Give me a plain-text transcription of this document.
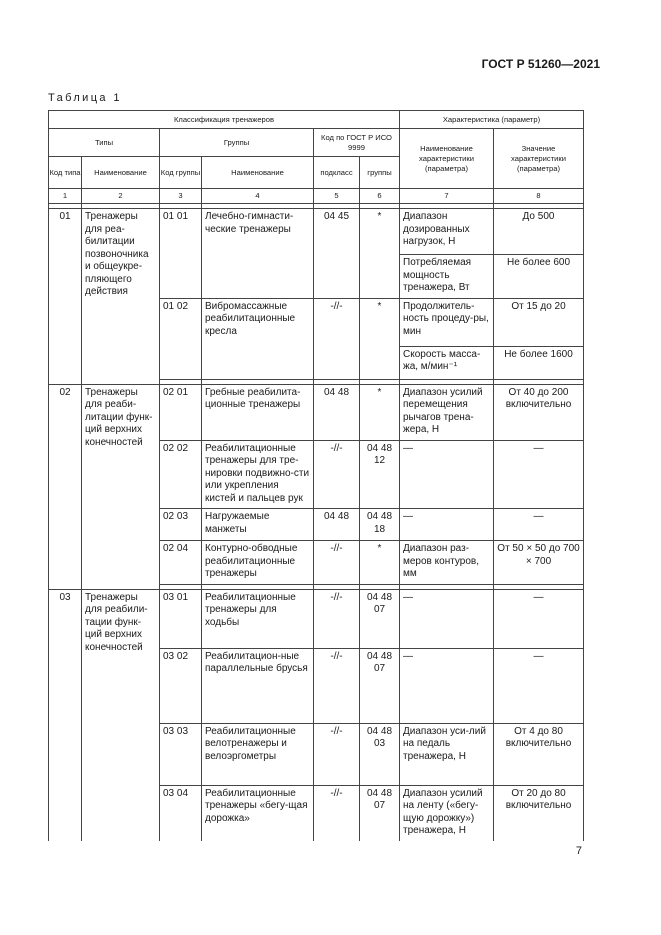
ГОСТ Р 51260—2021
Таблица 1
Классификация тренажеров						Характеристика (параметр)	
Типы		Группы		Код по ГОСТ Р ИСО 9999		Наименование характеристики (параметра)	Значение характеристики (параметра)
Код типа	Наименование	Код группы	Наименование	подкласс	группы		
1	2	3	4	5	6	7	8

01	Тренажеры для реа-билитации позвоночника и общеукре-пляющего действия	01 01	Лечебно-гимнасти-ческие тренажеры	04 45	*	Диапазон дозированных нагрузок, Н	До 500
						Потребляемая мощность тренажера, Вт	Не более 600
		01 02	Вибромассажные реабилитационные кресла	-//-	*	Продолжитель-ность процеду-ры, мин	От 15 до 20
						Скорость масса-жа, м/мин⁻¹	Не более 1600

02	Тренажеры для реаби-литации функ-ций верхних конечностей	02 01	Гребные реабилита-ционные тренажеры	04 48	*	Диапазон усилий перемещения рычагов трена-жера, Н	От 40 до 200 включительно
		02 02	Реабилитационные тренажеры для тре-нировки подвижно-сти или укрепления кистей и пальцев рук	-//-	04 48 12	—	—
		02 03	Нагружаемые манжеты	04 48	04 48 18	—	—
		02 04	Контурно-обводные реабилитационные тренажеры	-//-	*	Диапазон раз-меров контуров, мм	От 50 × 50 до 700 × 700

03	Тренажеры для реабили-тации функ-ций верхних конечностей	03 01	Реабилитационные тренажеры для ходьбы	-//-	04 48 07	—	—
		03 02	Реабилитацион-ные параллельные брусья	-//-	04 48 07	—	—
		03 03	Реабилитационные велотренажеры и велоэргометры	-//-	04 48 03	Диапазон уси-лий на педаль тренажера, Н	От 4 до 80 включительно
		03 04	Реабилитационные тренажеры «бегу-щая дорожка»	-//-	04 48 07	Диапазон усилий на ленту («бегу-щую дорожку») тренажера, Н	От 20 до 80 включительно
7
